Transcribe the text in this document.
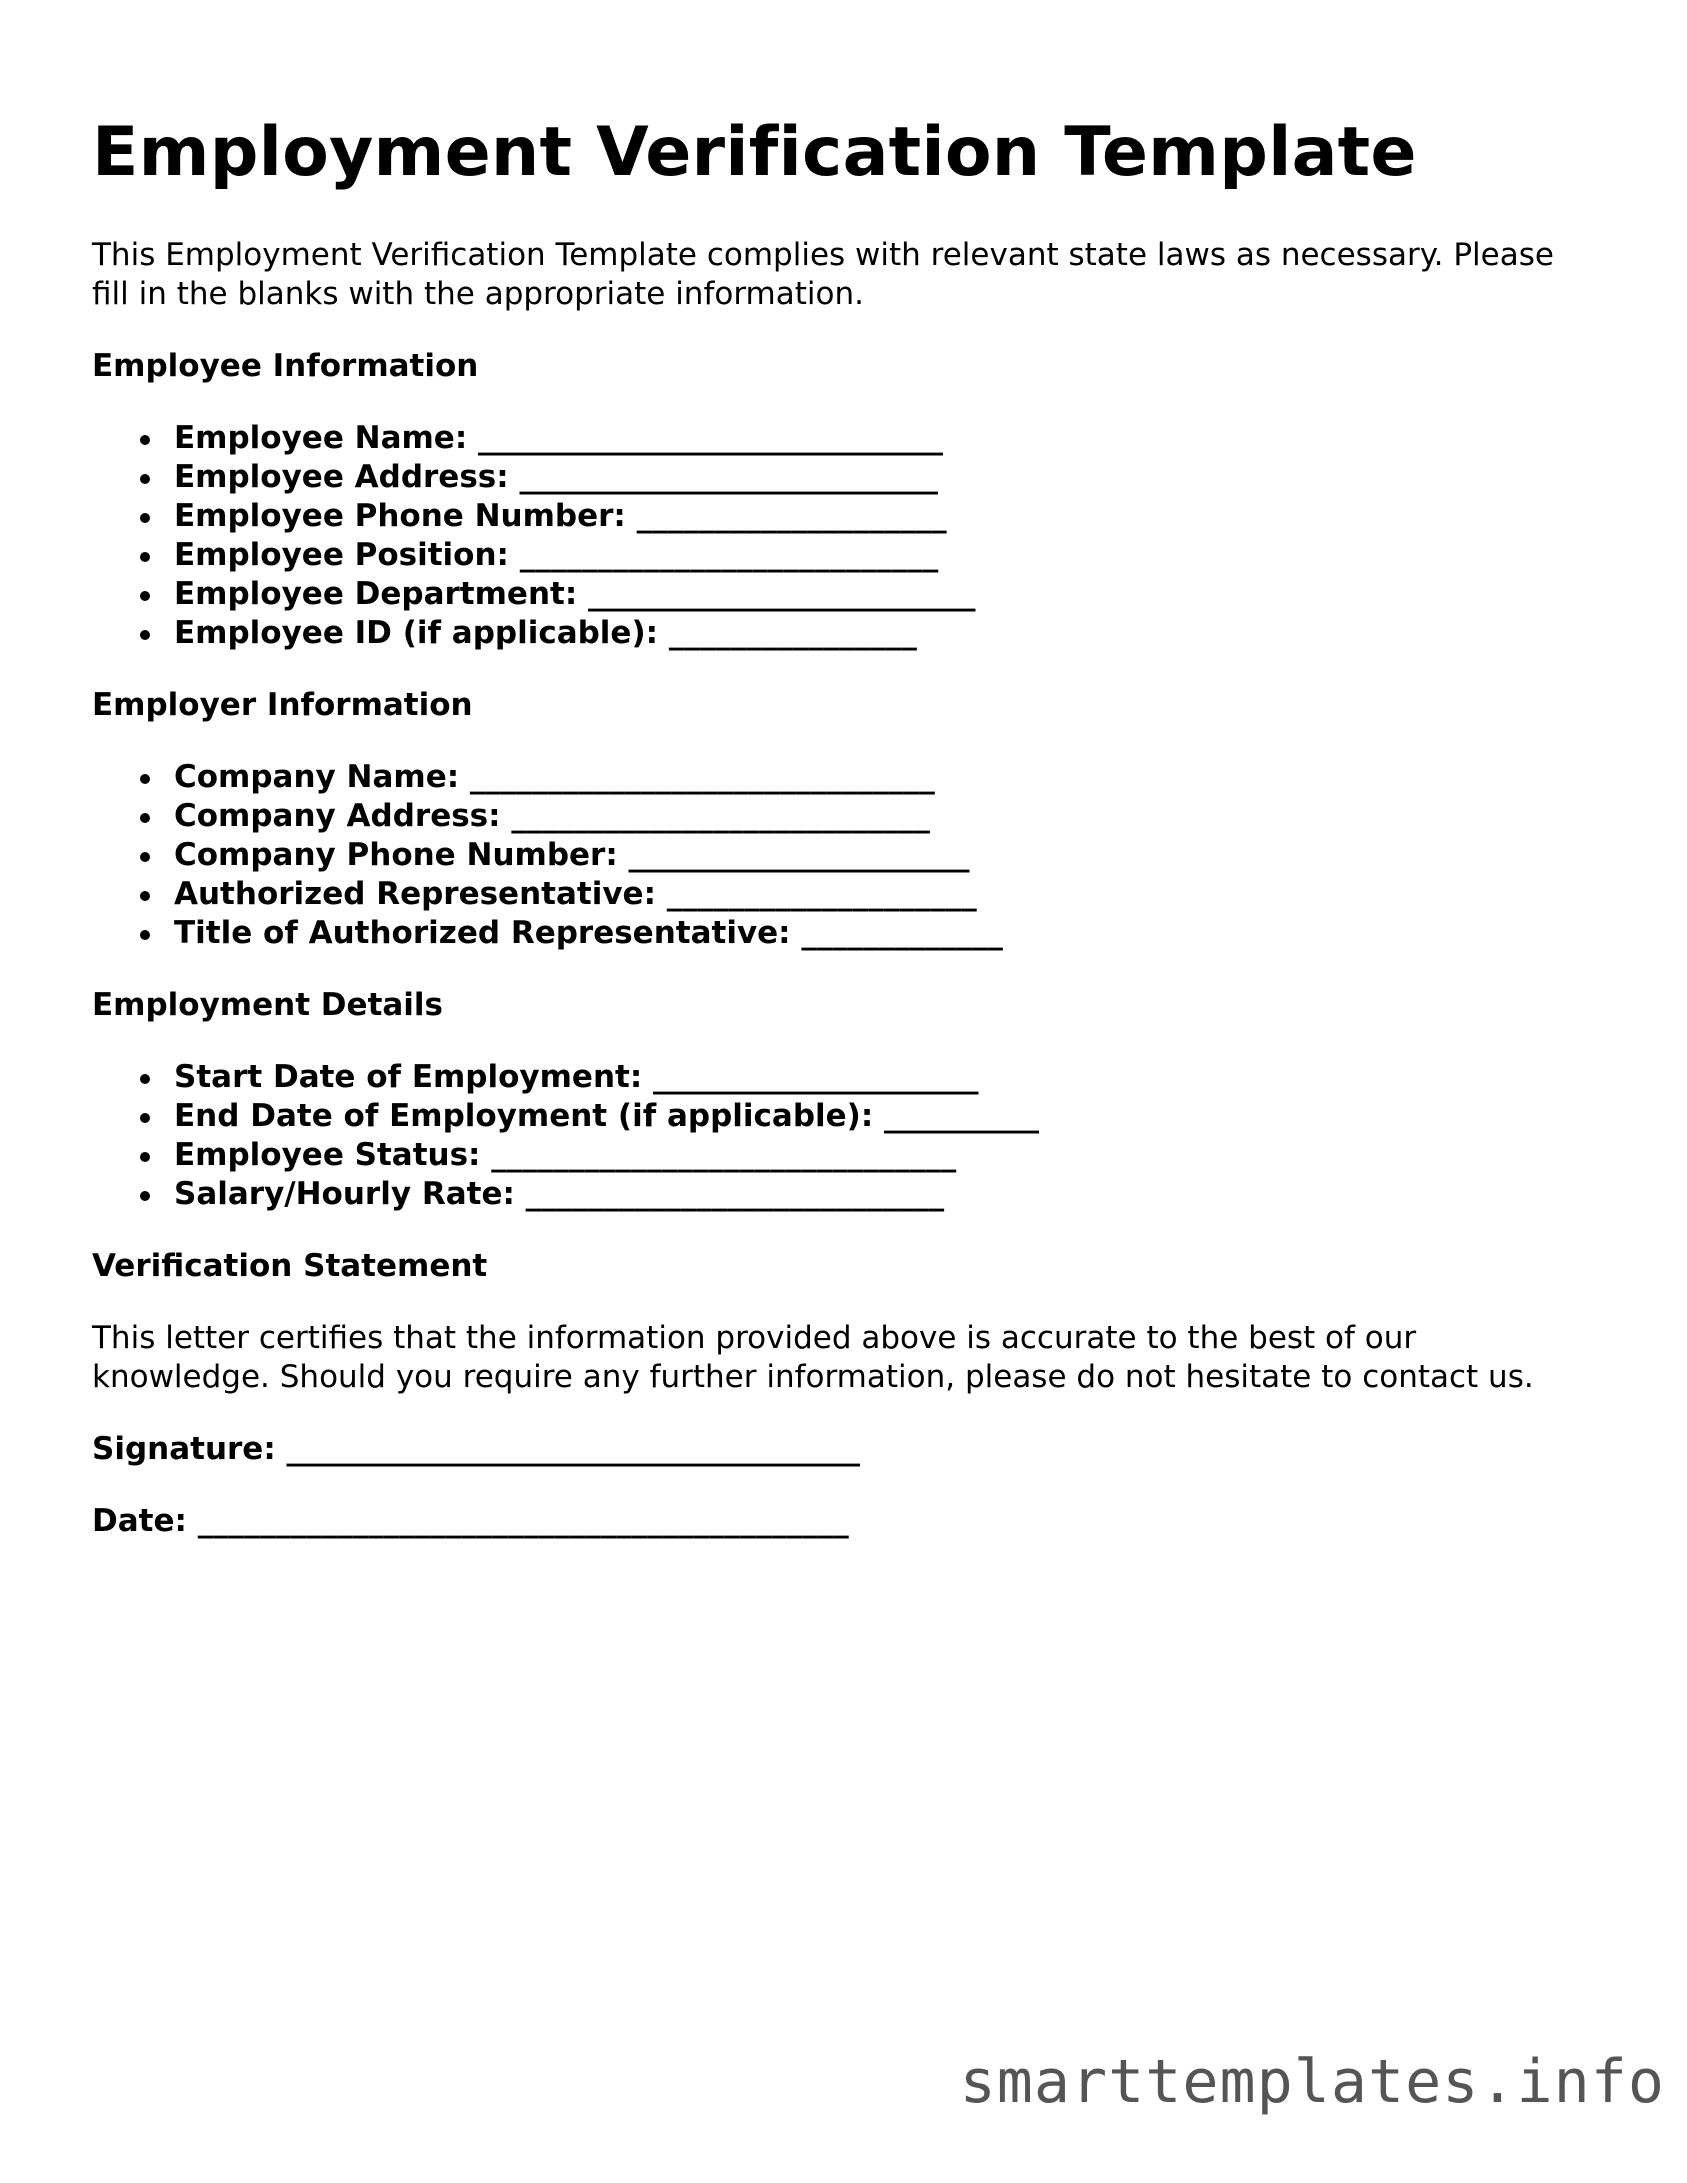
Employment Verification Template

This Employment Verification Template complies with relevant state laws as necessary. Please fill in the blanks with the appropriate information.

Employee Information
Employee Name: ______________________________
Employee Address: ___________________________
Employee Phone Number: ____________________
Employee Position: ___________________________
Employee Department: _________________________
Employee ID (if applicable): ________________
Employer Information
Company Name: ______________________________
Company Address: ___________________________
Company Phone Number: ______________________
Authorized Representative: ____________________
Title of Authorized Representative: _____________
Employment Details
Start Date of Employment: _____________________
End Date of Employment (if applicable): __________
Employee Status: ______________________________
Salary/Hourly Rate: ___________________________
Verification Statement

This letter certifies that the information provided above is accurate to the best of our knowledge. Should you require any further information, please do not hesitate to contact us.

Signature: _____________________________________
Date: __________________________________________
smarttemplates.info
